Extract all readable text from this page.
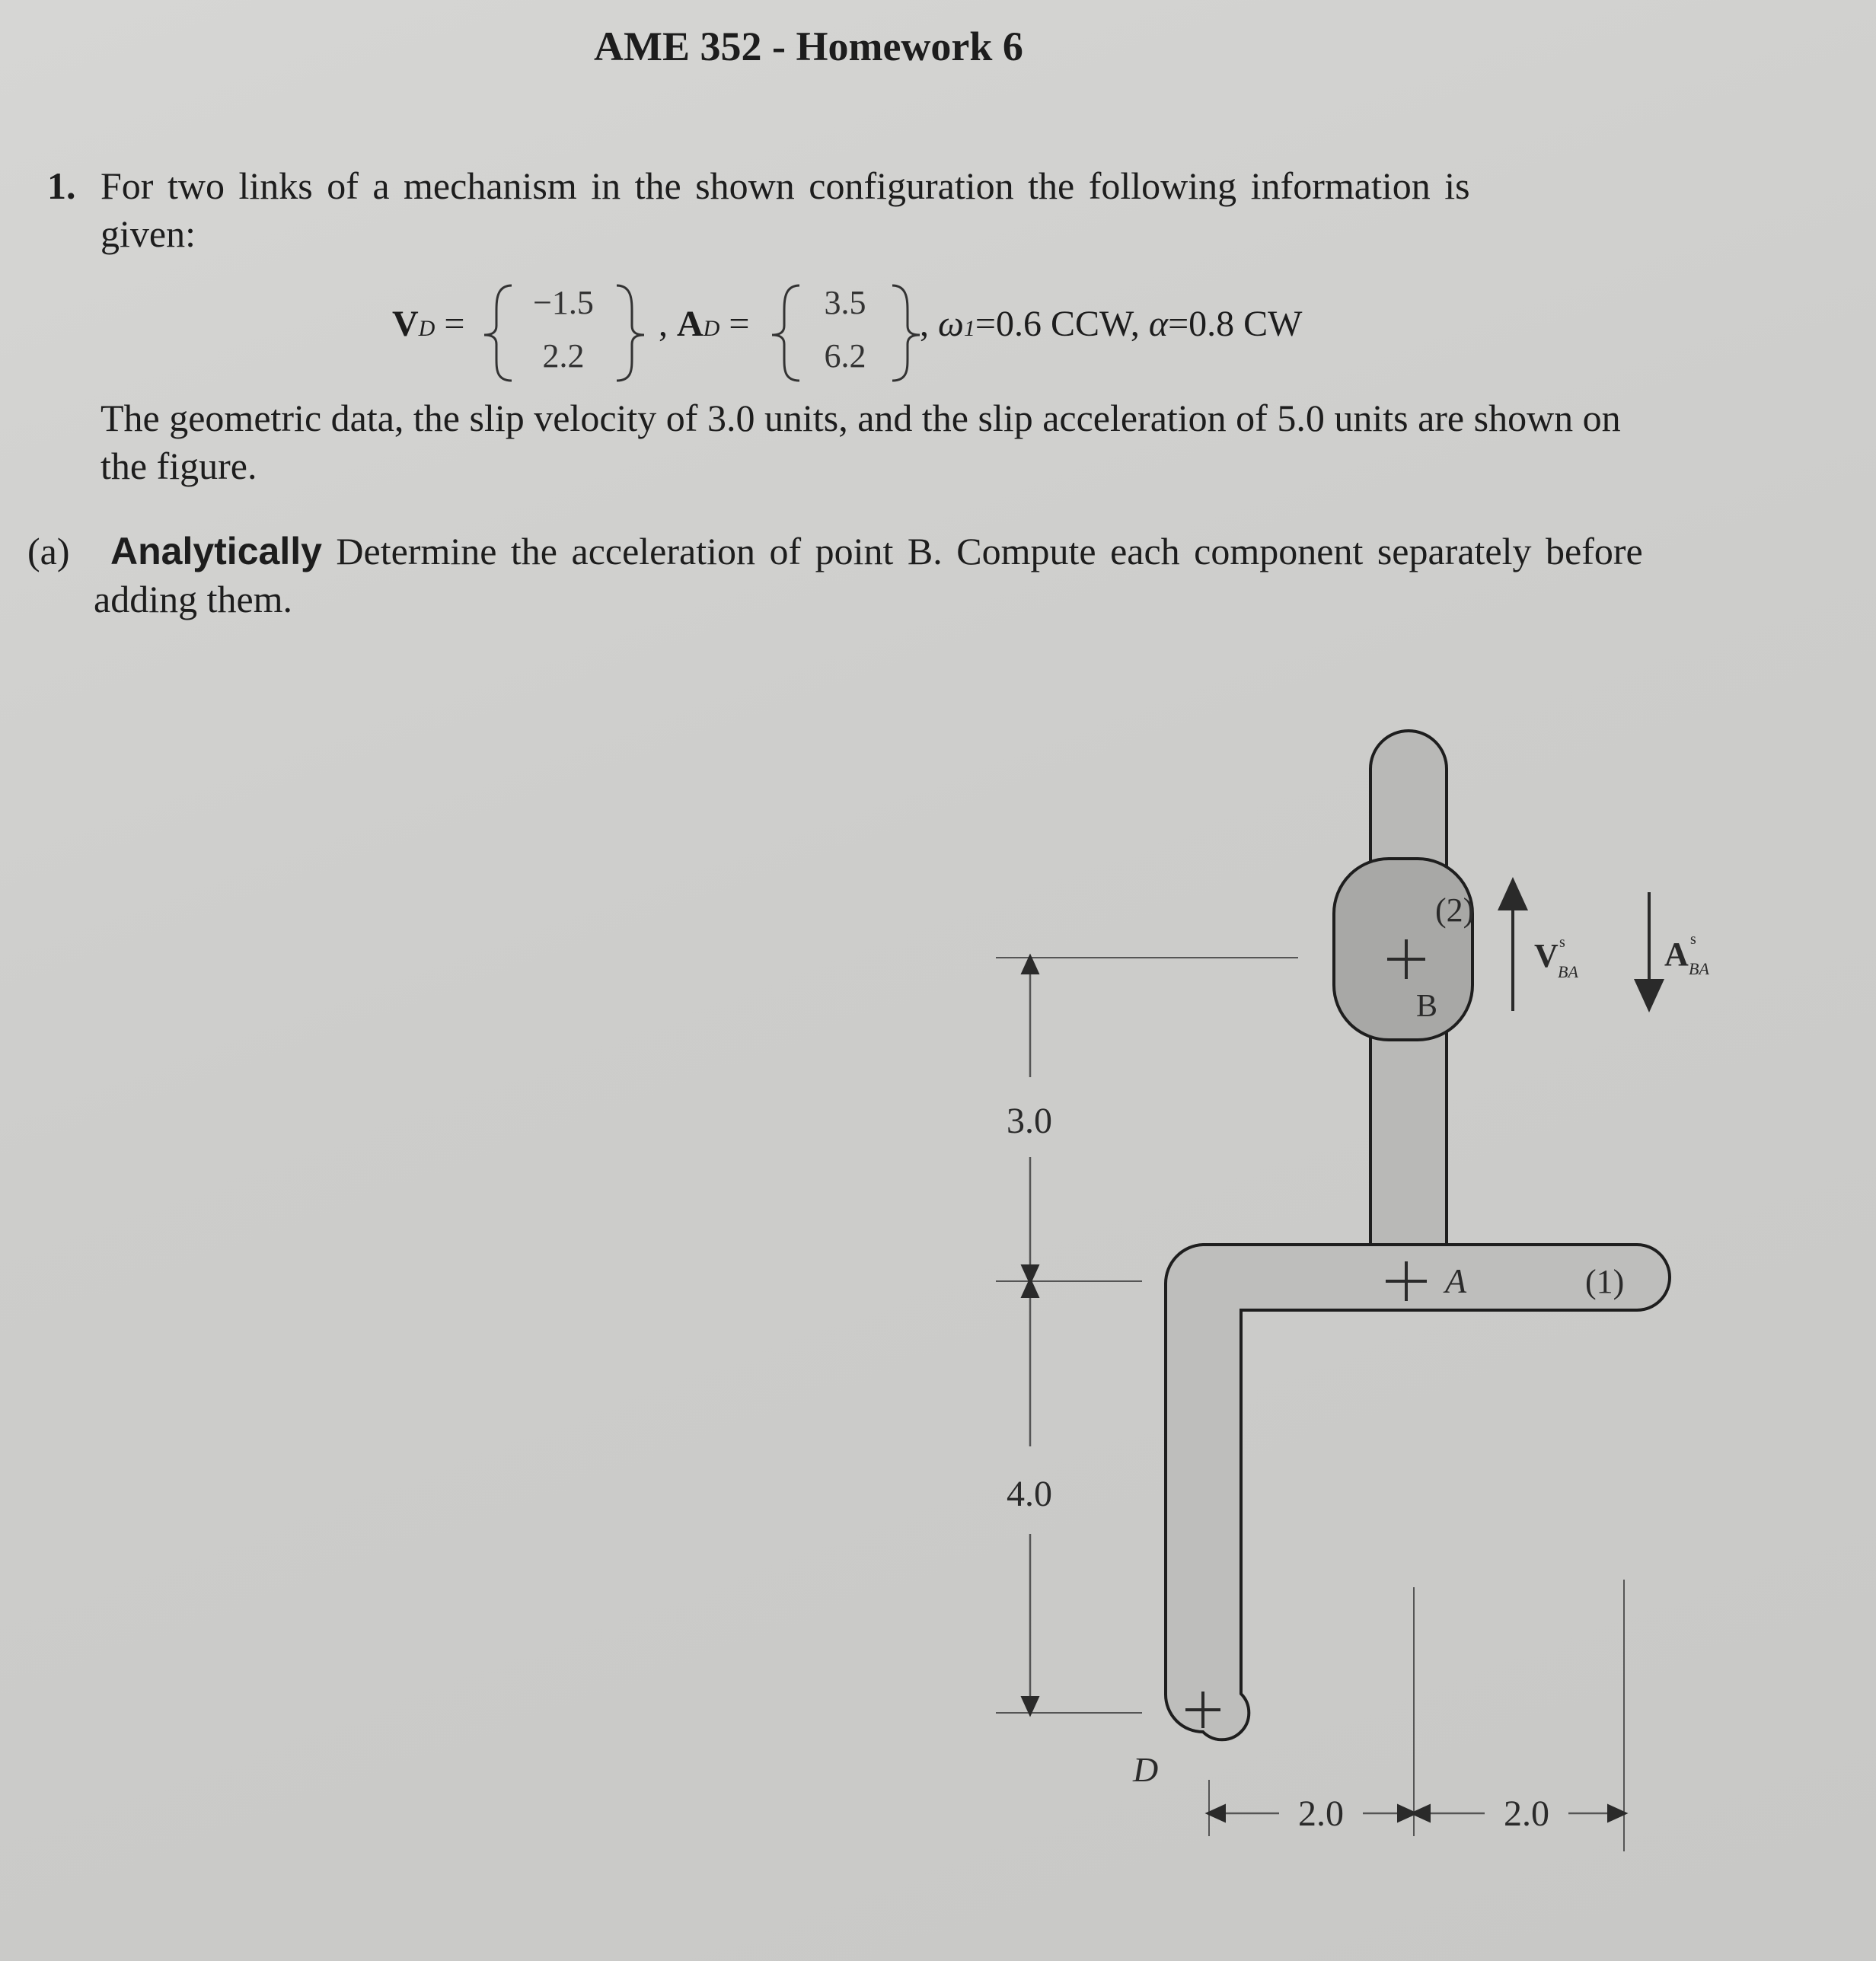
AME 352 - Homework 6
1. For two links of a mechanism in the shown configuration the following information is
given:
VD =	, AD =	, ω1=0.6 CCW, α=0.8 CW
The geometric data, the slip velocity of 3.0 units, and the slip acceleration of 5.0 units are shown on
the figure.
(a) Analytically Determine the acceleration of point B. Compute each component separately before
adding them.
−1.5
2.2
3.5
6.2
(2)
B
A	(1)
D
V s
BA	A s
BA
3.0
4.0
2.0	2.0
